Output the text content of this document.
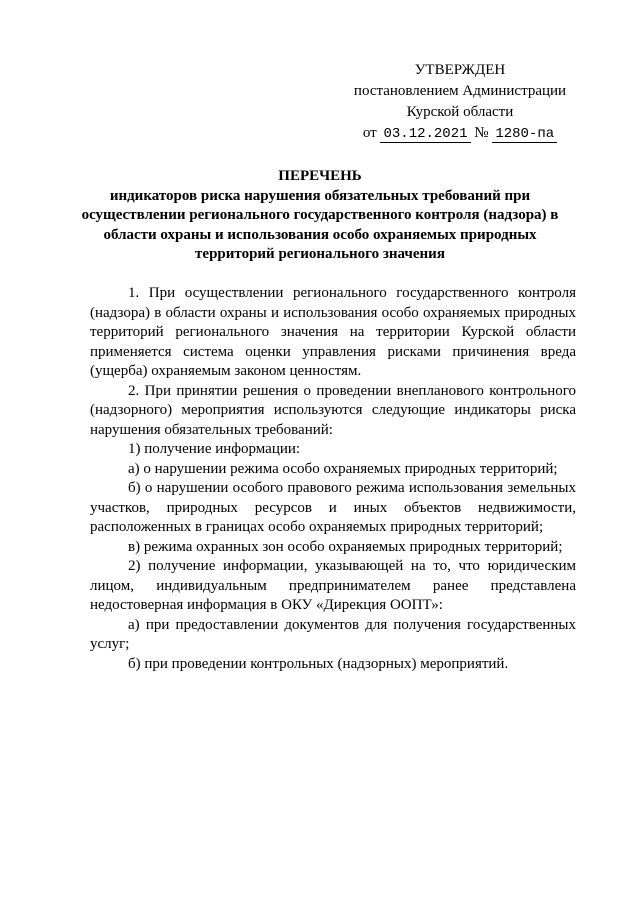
УТВЕРЖДЕН
постановлением Администрации
Курской области
от 03.12.2021 № 1280-па
ПЕРЕЧЕНЬ
индикаторов риска нарушения обязательных требований при осуществлении регионального государственного контроля (надзора) в области охраны и использования особо охраняемых природных территорий регионального значения

1. При осуществлении регионального государственного контроля (надзора) в области охраны и использования особо охраняемых природных территорий регионального значения на территории Курской области применяется система оценки управления рисками причинения вреда (ущерба) охраняемым законом ценностям.

2. При принятии решения о проведении внепланового контрольного (надзорного) мероприятия используются следующие индикаторы риска нарушения обязательных требований:

1) получение информации:

а) о нарушении режима особо охраняемых природных территорий;

б) о нарушении особого правового режима использования земельных участков, природных ресурсов и иных объектов недвижимости, расположенных в границах особо охраняемых природных территорий;

в) режима охранных зон особо охраняемых природных территорий;

2) получение информации, указывающей на то, что юридическим лицом, индивидуальным предпринимателем ранее представлена недостоверная информация в ОКУ «Дирекция ООПТ»:

а) при предоставлении документов для получения государственных услуг;

б) при проведении контрольных (надзорных) мероприятий.
